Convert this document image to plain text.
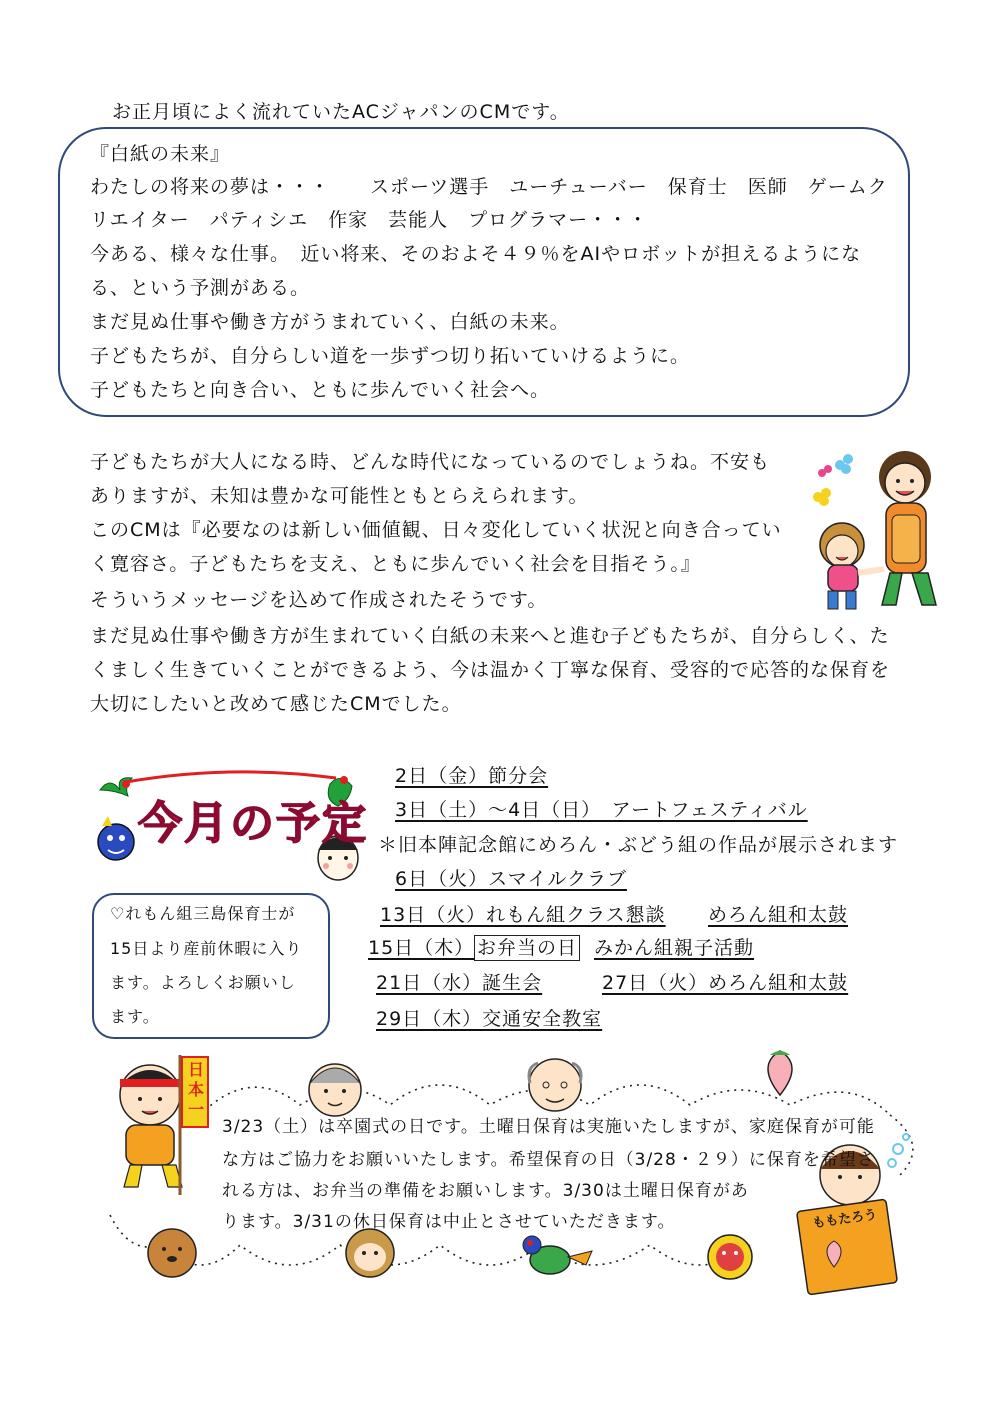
お正月頃によく流れていたACジャパンのCMです。
『白紙の未来』
わたしの将来の夢は・・・　　スポーツ選手　ユーチューバー　保育士　医師　ゲームク
リエイター　パティシエ　作家　芸能人　プログラマー・・・
今ある、様々な仕事。　近い将来、そのおよそ４９％をAIやロボットが担えるようにな
る、という予測がある。
まだ見ぬ仕事や働き方がうまれていく、白紙の未来。
子どもたちが、自分らしい道を一歩ずつ切り拓いていけるように。
子どもたちと向き合い、ともに歩んでいく社会へ。
子どもたちが大人になる時、どんな時代になっているのでしょうね。不安も
ありますが、未知は豊かな可能性ともとらえられます。
このCMは『必要なのは新しい価値観、日々変化していく状況と向き合ってい
く寛容さ。子どもたちを支え、ともに歩んでいく社会を目指そう。』
そういうメッセージを込めて作成されたそうです。
まだ見ぬ仕事や働き方が生まれていく白紙の未来へと進む子どもたちが、自分らしく、た
くましく生きていくことができるよう、今は温かく丁寧な保育、受容的で応答的な保育を
大切にしたいと改めて感じたCMでした。
今月の予定
2日（金）節分会
3日（土）～4日（日）　アートフェスティバル
＊旧本陣記念館にめろん・ぶどう組の作品が展示されます
6日（火）スマイルクラブ
13日（火）れもん組クラス懇談 めろん組和太鼓
15日（木） お弁当の日 みかん組親子活動
21日（水）誕生会	27日（火）めろん組和太鼓
29日（木）交通安全教室
♡れもん組三島保育士が
15日より産前休暇に入り
ます。よろしくお願いし
ます。
日本一
ももたろう
3/23（土）は卒園式の日です。土曜日保育は実施いたしますが、家庭保育が可能
な方はご協力をお願いいたします。希望保育の日（3/28・２９）に保育を希望さ
れる方は、お弁当の準備をお願いします。3/30は土曜日保育があ
ります。3/31の休日保育は中止とさせていただきます。
